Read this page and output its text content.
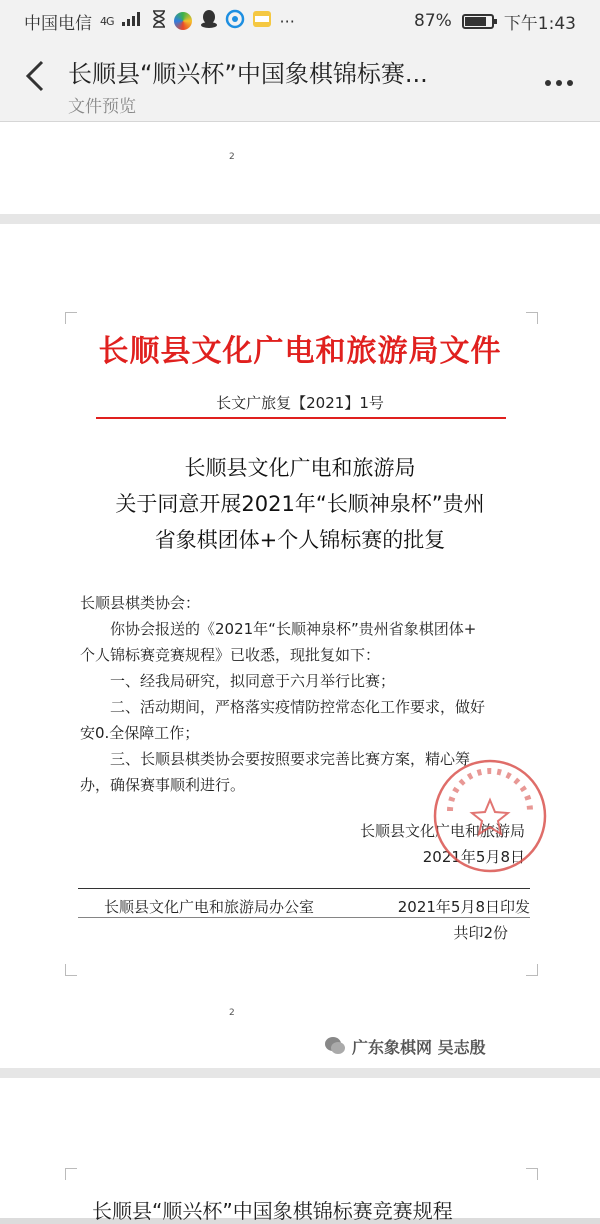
中国电信 4G	···	87%	下午1:43
长顺县“顺兴杯”中国象棋锦标赛...
文件预览
2
长顺县文化广电和旅游局文件
长文广旅复【2021】1号
长顺县文化广电和旅游局
关于同意开展2021年“长顺神泉杯”贵州
省象棋团体+个人锦标赛的批复
长顺县棋类协会：
你协会报送的《2021年“长顺神泉杯”贵州省象棋团体+
个人锦标赛竞赛规程》已收悉，现批复如下：
一、经我局研究，拟同意于六月举行比赛；
二、活动期间，严格落实疫情防控常态化工作要求，做好
安0.全保障工作；
三、长顺县棋类协会要按照要求完善比赛方案，精心筹
办，确保赛事顺利进行。
长顺县文化广电和旅游局
2021年5月8日
长顺县文化广电和旅游局办公室	2021年5月8日印发
共印2份
2
长顺县“顺兴杯”中国象棋锦标赛竞赛规程
广东象棋网 吴志殷
